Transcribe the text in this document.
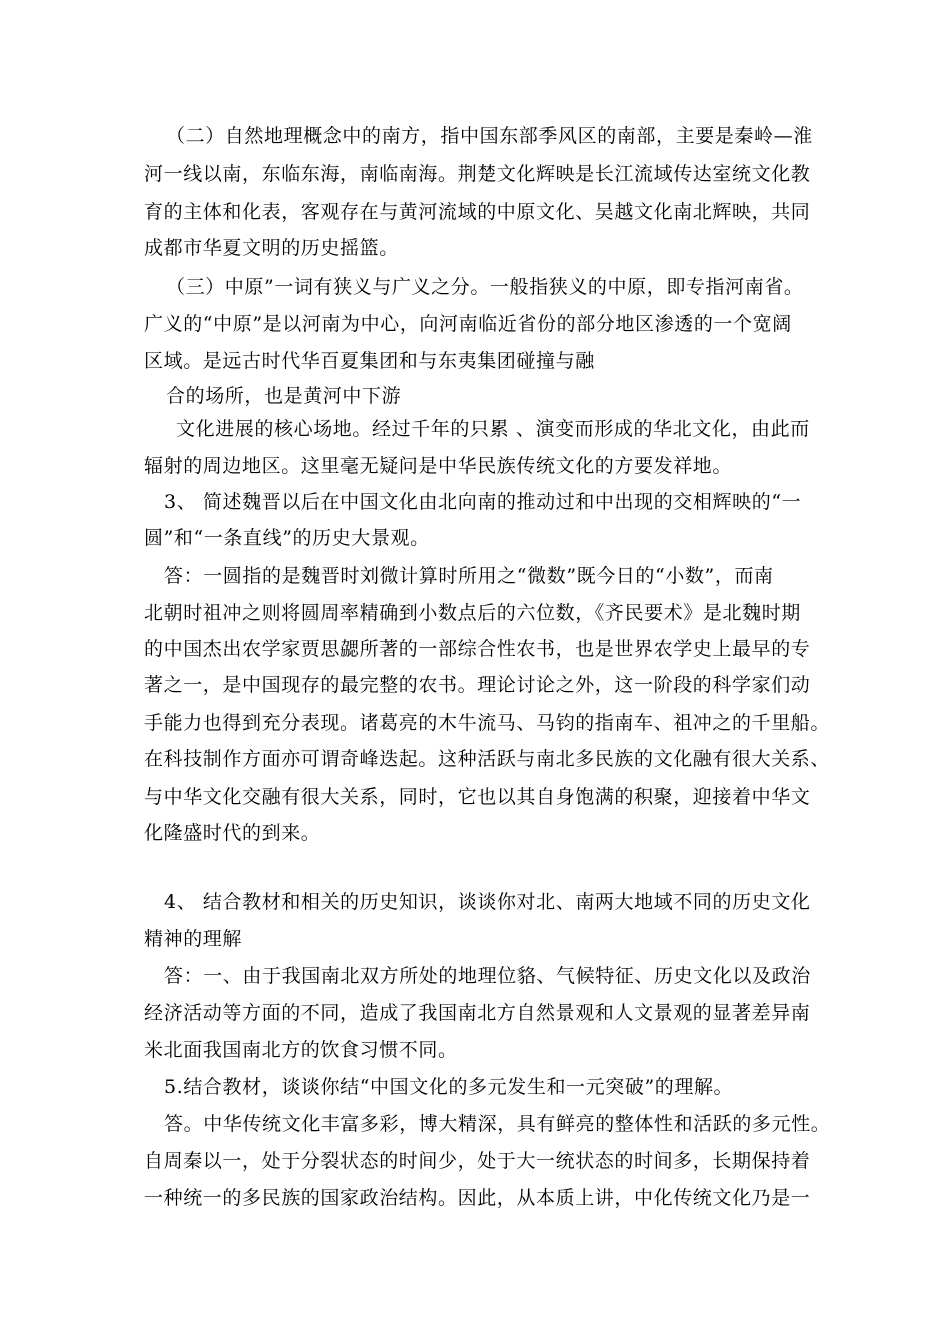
（二）自然地理概念中的南方，指中国东部季风区的南部，主要是秦岭—淮
河一线以南，东临东海，南临南海。荆楚文化辉映是长江流域传达室统文化教
育的主体和化表，客观存在与黄河流域的中原文化、吴越文化南北辉映，共同
成都市华夏文明的历史摇篮。
（三）中原”一词有狭义与广义之分。一般指狭义的中原，即专指河南省。
广义的“中原”是以河南为中心，向河南临近省份的部分地区渗透的一个宽阔
区域。是远古时代华百夏集团和与东夷集团碰撞与融
合的场所，也是黄河中下游
文化进展的核心场地。经过千年的只累 、演变而形成的华北文化，由此而
辐射的周边地区。这里毫无疑问是中华民族传统文化的方要发祥地。
3、 简述魏晋以后在中国文化由北向南的推动过和中出现的交相辉映的“一
圆”和“一条直线”的历史大景观。
答：一圆指的是魏晋时刘微计算时所用之“微数”既今日的“小数”，而南
北朝时祖冲之则将圆周率精确到小数点后的六位数，《齐民要术》是北魏时期
的中国杰出农学家贾思勰所著的一部综合性农书，也是世界农学史上最早的专
著之一，是中国现存的最完整的农书。理论讨论之外，这一阶段的科学家们动
手能力也得到充分表现。诸葛亮的木牛流马、马钧的指南车、祖冲之的千里船。
在科技制作方面亦可谓奇峰迭起。这种活跃与南北多民族的文化融有很大关系、
与中华文化交融有很大关系，同时，它也以其自身饱满的积聚，迎接着中华文
化隆盛时代的到来。
4、 结合教材和相关的历史知识，谈谈你对北、南两大地域不同的历史文化
精神的理解
答：一、由于我国南北双方所处的地理位貉、气候特征、历史文化以及政治
经济活动等方面的不同，造成了我国南北方自然景观和人文景观的显著差异南
米北面我国南北方的饮食习惯不同。
5.结合教材，谈谈你结“中国文化的多元发生和一元突破”的理解。
答。中华传统文化丰富多彩，博大精深，具有鲜亮的整体性和活跃的多元性。
自周秦以一，处于分裂状态的时间少，处于大一统状态的时间多，长期保持着
一种统一的多民族的国家政治结构。因此，从本质上讲，中化传统文化乃是一
